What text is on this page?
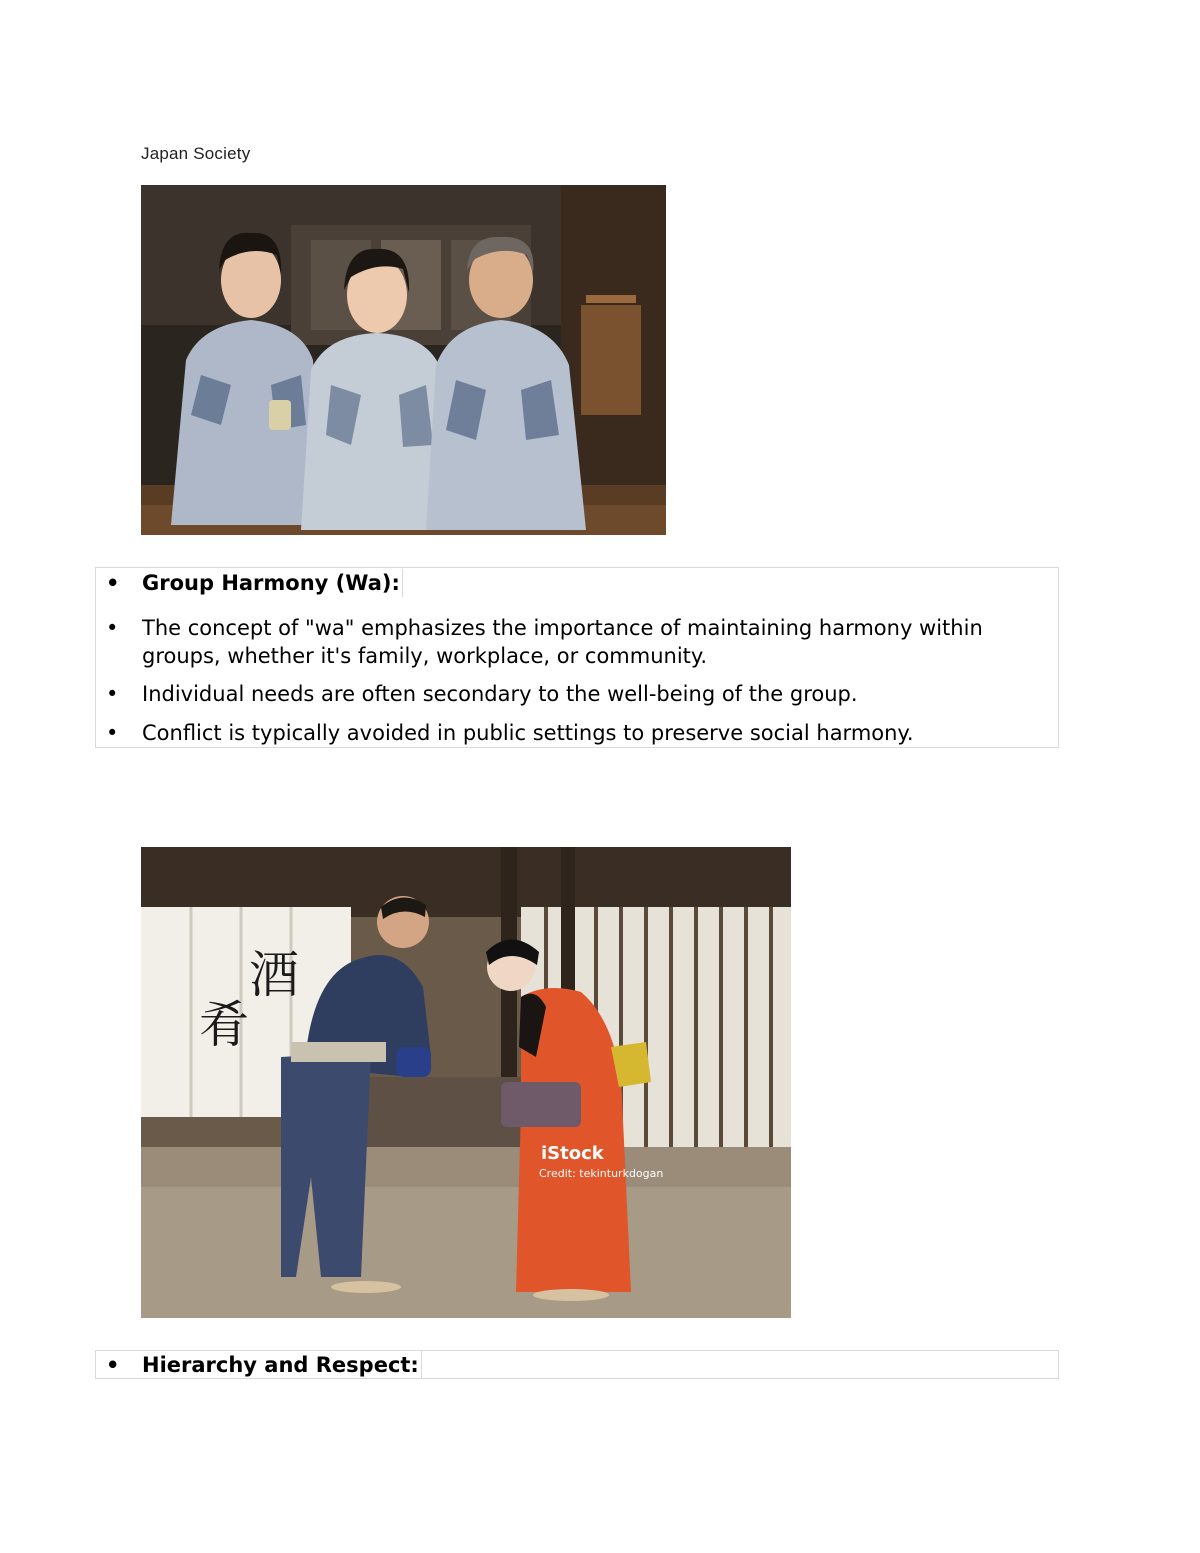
Japan Society
• Group Harmony (Wa):
• The concept of "wa" emphasizes the importance of maintaining harmony within groups, whether it's family, workplace, or community.
• Individual needs are often secondary to the well-being of the group.
• Conflict is typically avoided in public settings to preserve social harmony.
肴
酒
iStock
Credit: tekinturkdogan
• Hierarchy and Respect:
